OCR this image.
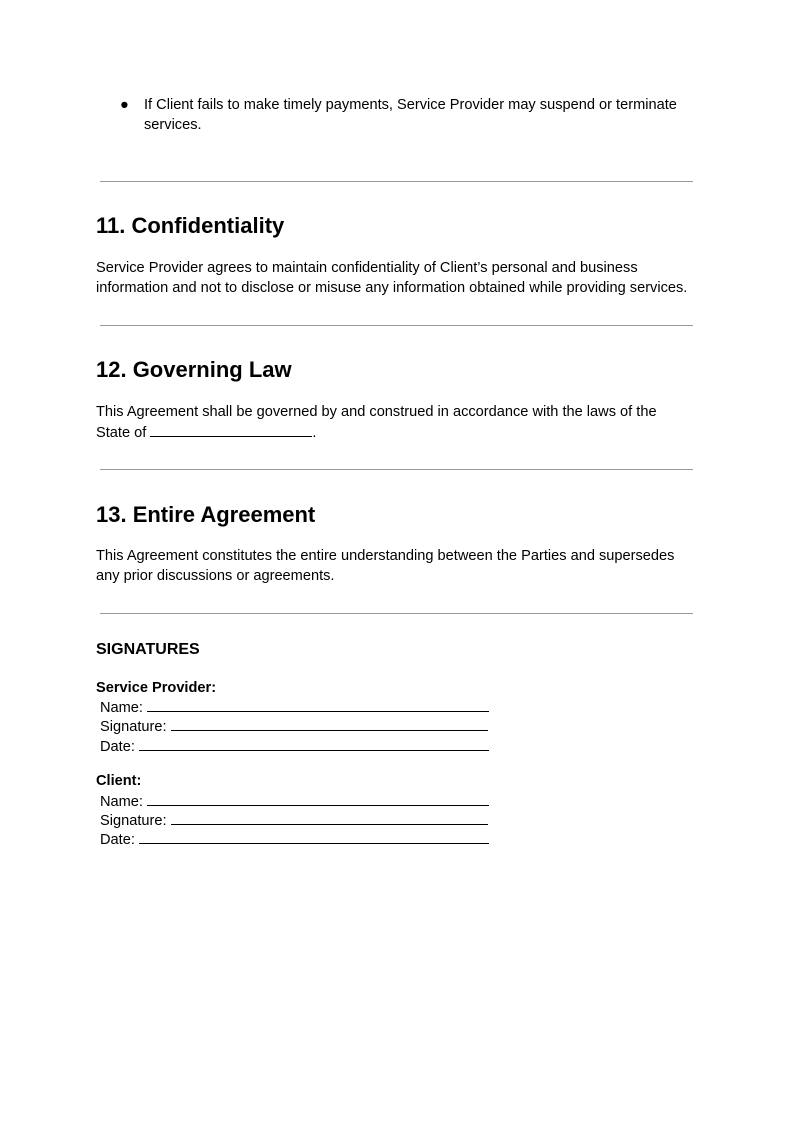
● If Client fails to make timely payments, Service Provider may suspend or terminate
services.
11. Confidentiality
Service Provider agrees to maintain confidentiality of Client’s personal and business
information and not to disclose or misuse any information obtained while providing services.
12. Governing Law
This Agreement shall be governed by and construed in accordance with the laws of the
State of	.
13. Entire Agreement
This Agreement constitutes the entire understanding between the Parties and supersedes
any prior discussions or agreements.
SIGNATURES
Service Provider:
Name:
Signature:
Date:
Client:
Name:
Signature:
Date:
